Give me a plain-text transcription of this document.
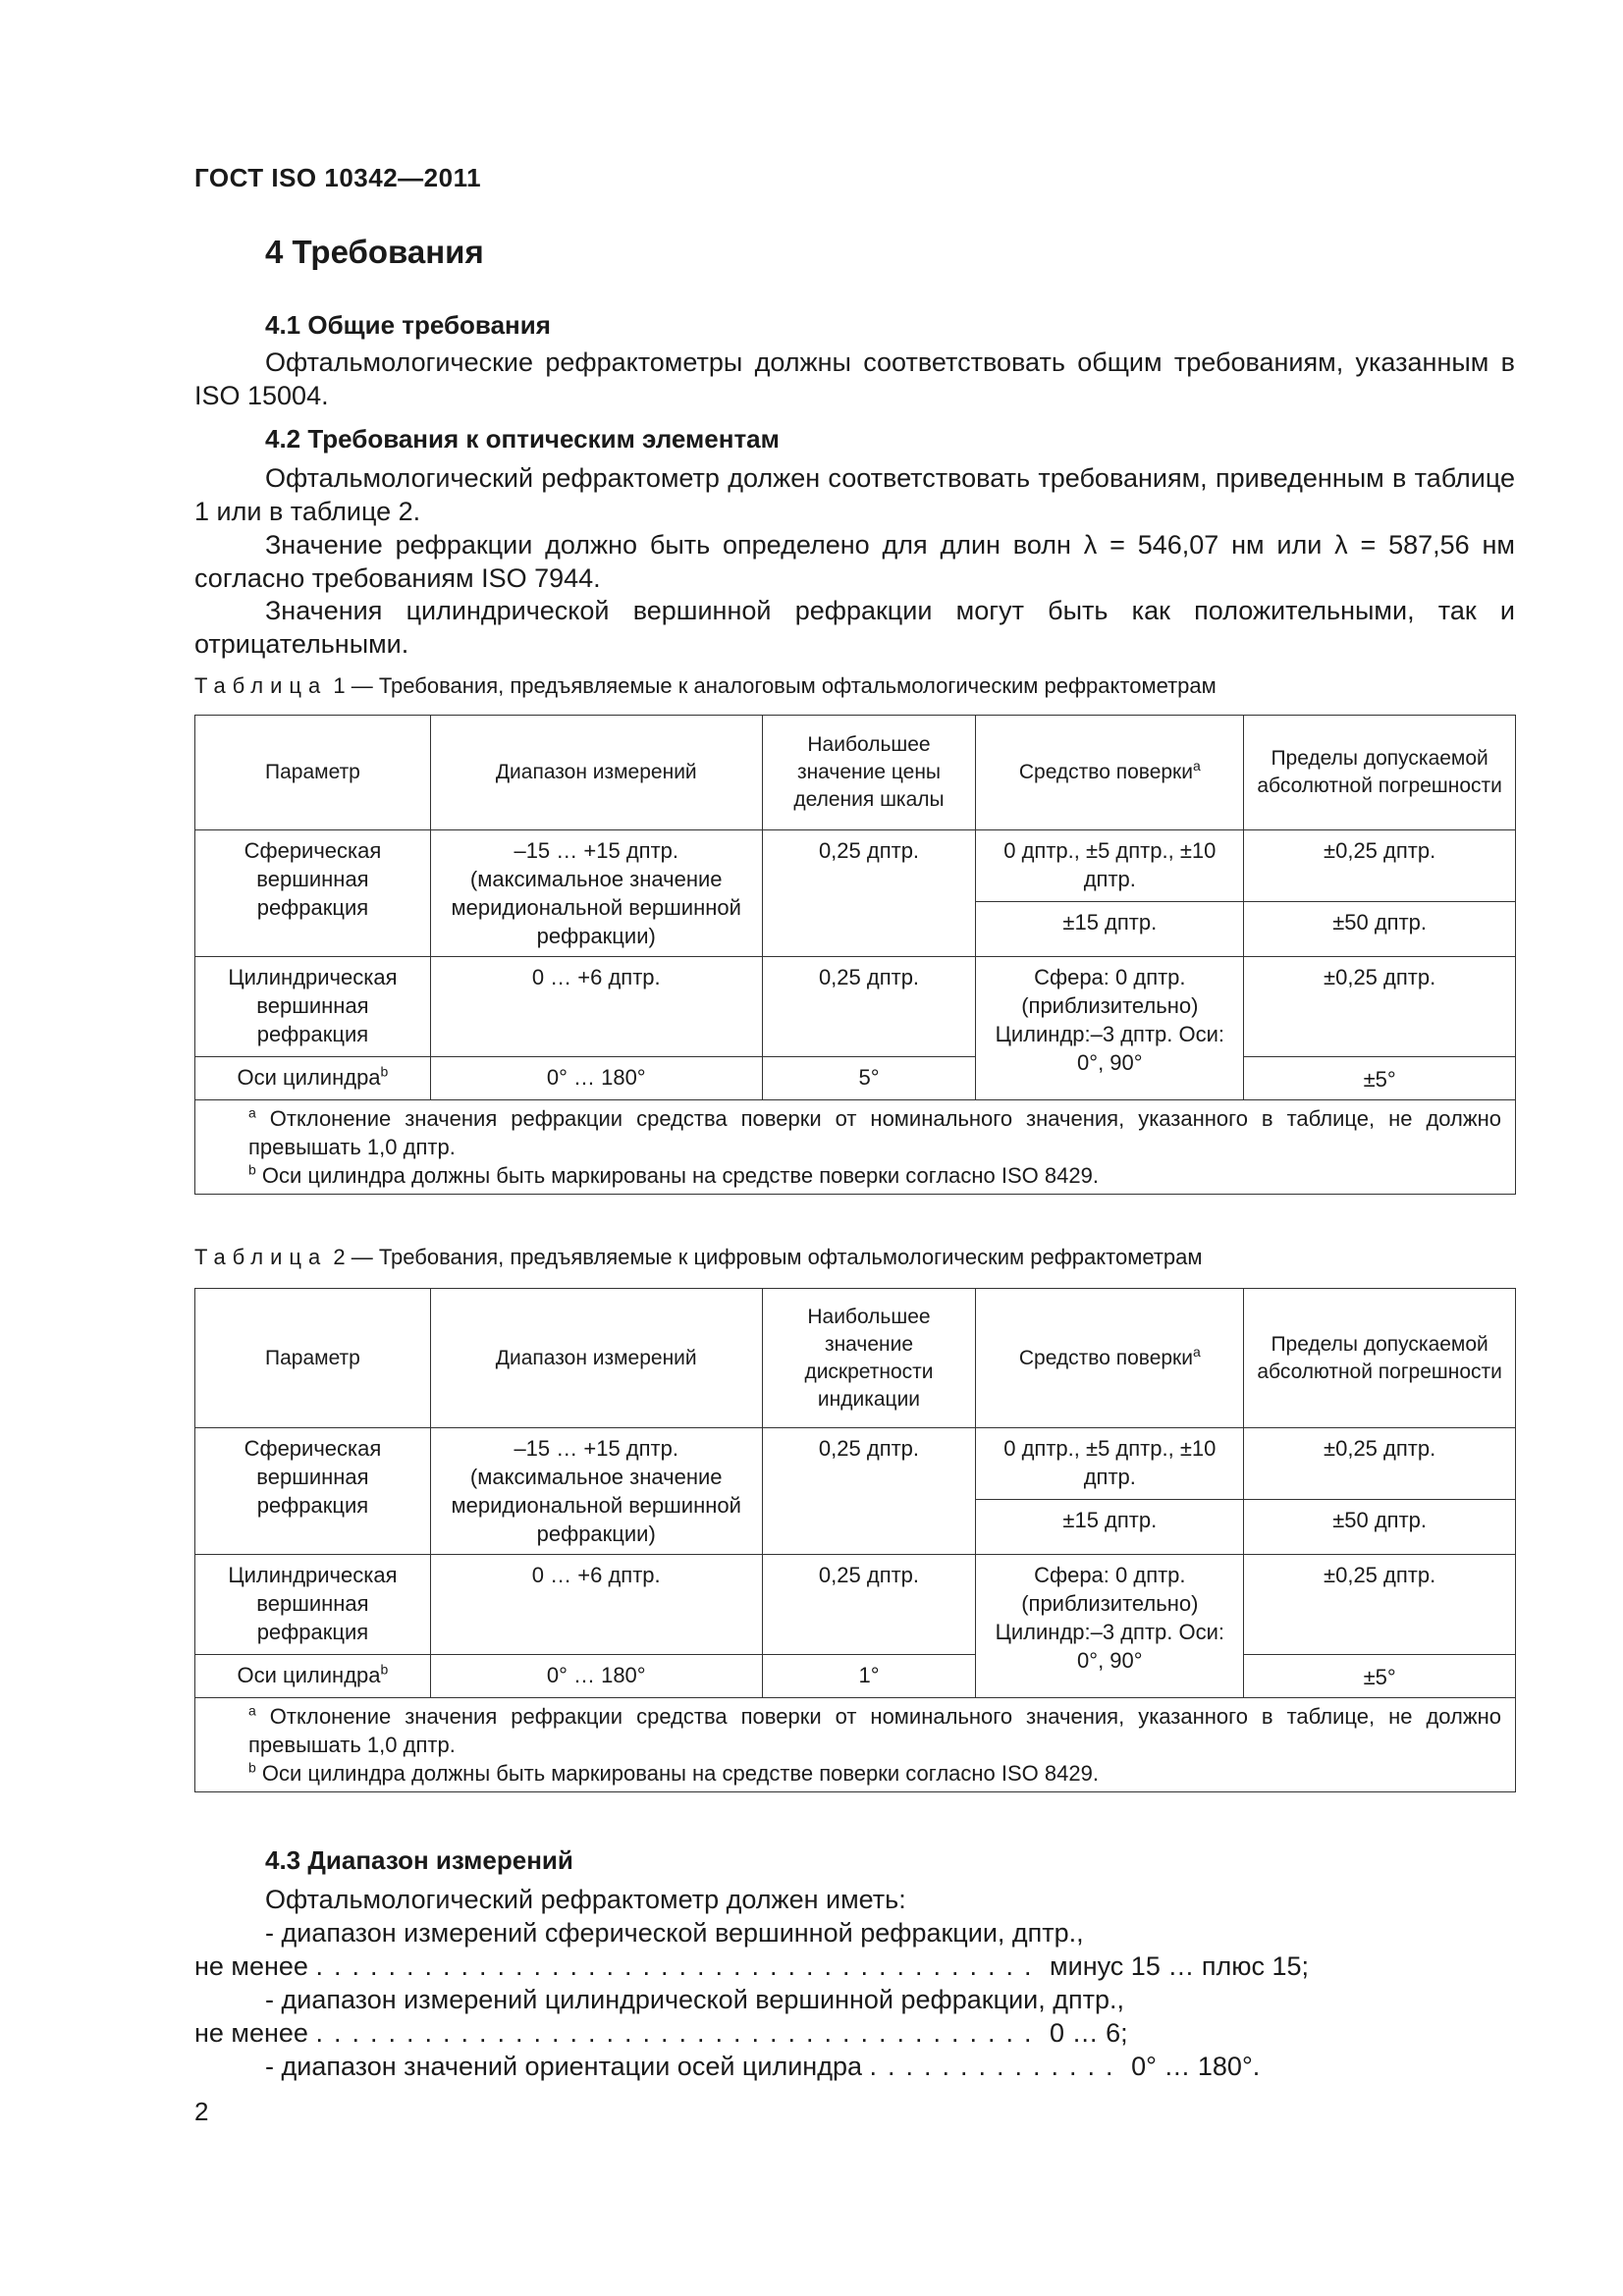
ГОСТ ISO 10342—2011
4 Требования
4.1 Общие требования
Офтальмологические рефрактометры должны соответствовать общим требованиям, указанным в ISO 15004.
4.2 Требования к оптическим элементам
Офтальмологический рефрактометр должен соответствовать требованиям, приведенным в таблице 1 или в таблице 2.
Значение рефракции должно быть определено для длин волн λ = 546,07 нм или λ = 587,56 нм согласно требованиям ISO 7944.
Значения цилиндрической вершинной рефракции могут быть как положительными, так и отрицательными.
Таблица 1 — Требования, предъявляемые к аналоговым офтальмологическим рефрактометрам
Параметр	Диапазон измерений	Наибольшее значение цены деления шкалы	Средство поверки$^a$	Пределы допускаемой абсолютной погрешности
Сферическая вершинная рефракция	–15 … +15 дптр. (максимальное значение меридиональной вершинной рефракции)	0,25 дптр.	0 дптр., ±5 дптр., ±10 дптр.	±0,25 дптр.
			±15 дптр.	±50 дптр.
Цилиндрическая вершинная рефракция	0 … +6 дптр.	0,25 дптр.	Сфера: 0 дптр. (приблизительно) Цилиндр:–3 дптр. Оси: 0°, 90°	±0,25 дптр.
Оси цилиндра$^b$	0° … 180°	5°		±5°

$^a$ Отклонение значения рефракции средства поверки от номинального значения, указанного в таблице, не должно превышать 1,0 дптр.
$^b$ Оси цилиндра должны быть маркированы на средстве поверки согласно ISO 8429.				
Таблица 2 — Требования, предъявляемые к цифровым офтальмологическим рефрактометрам
Параметр	Диапазон измерений	Наибольшее значение дискретности индикации	Средство поверки$^a$	Пределы допускаемой абсолютной погрешности
Сферическая вершинная рефракция	–15 … +15 дптр. (максимальное значение меридиональной вершинной рефракции)	0,25 дптр.	0 дптр., ±5 дптр., ±10 дптр.	±0,25 дптр.
			±15 дптр.	±50 дптр.
Цилиндрическая вершинная рефракция	0 … +6 дптр.	0,25 дптр.	Сфера: 0 дптр. (приблизительно) Цилиндр:–3 дптр. Оси: 0°, 90°	±0,25 дптр.
Оси цилиндра$^b$	0° … 180°	1°		±5°

$^a$ Отклонение значения рефракции средства поверки от номинального значения, указанного в таблице, не должно превышать 1,0 дптр.
$^b$ Оси цилиндра должны быть маркированы на средстве поверки согласно ISO 8429.				
4.3 Диапазон измерений
Офтальмологический рефрактометр должен иметь:
- диапазон измерений сферической вершинной рефракции, дптр.,
не менее ........................................ минус 15 … плюс 15;
- диапазон измерений цилиндрической вершинной рефракции, дптр.,
не менее ........................................ 0 … 6;
- диапазон значений ориентации осей цилиндра .............. 0° … 180°.
2
